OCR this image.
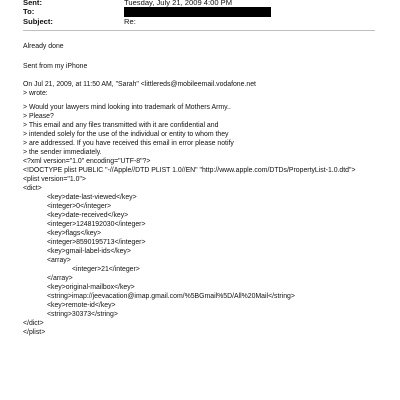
Sent:	Tuesday, July 21, 2009 4:00 PM
To:
Subject:	Re:
Already done
Sent from my iPhone
On Jul 21, 2009, at 11:50 AM, "Sarah" <littlereds@mobileemail.vodafone.net
> wrote:
> Would your lawyers mind looking into trademark of Mothers Army..
> Please?
> This email and any files transmitted with it are confidential and
> intended solely for the use of the individual or entity to whom they
> are addressed. If you have received this email in error please notify
> the sender immediately.
<?xml version="1.0" encoding="UTF-8"?>
<!DOCTYPE plist PUBLIC "-//Apple//DTD PLIST 1.0//EN" "http://www.apple.com/DTDs/PropertyList-1.0.dtd">
<plist version="1.0">
<dict>
<key>date-last-viewed</key>
<integer>0</integer>
<key>date-received</key>
<integer>1248192030</integer>
<key>flags</key>
<integer>8590195713</integer>
<key>gmail-label-ids</key>
<array>
<integer>21</integer>
</array>
<key>original-mailbox</key>
<string>imap://jeevacation@imap.gmail.com/%5BGmail%5D/All%20Mail</string>
<key>remote-id</key>
<string>30373</string>
</dict>
</plist>
